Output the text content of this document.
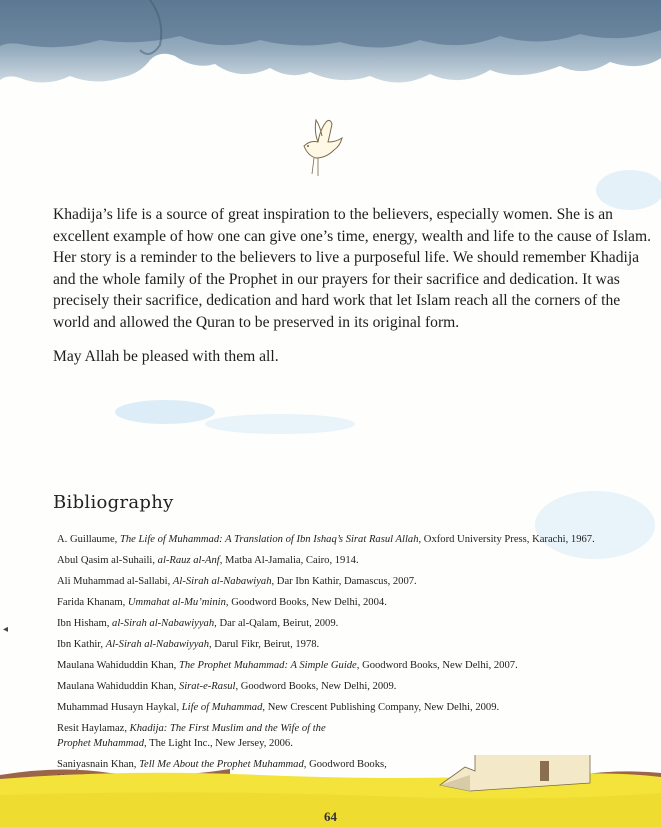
Khadija’s life is a source of great inspiration to the believers, especially women. She is an excellent example of how one can give one’s time, energy, wealth and life to the cause of Islam. Her story is a reminder to the believers to live a purposeful life. We should remember Khadija and the whole family of the Prophet in our prayers for their sacrifice and dedication. It was precisely their sacrifice, dedication and hard work that let Islam reach all the corners of the world and allowed the Quran to be preserved in its original form.

May Allah be pleased with them all.

Bibliography
A. Guillaume, The Life of Muhammad: A Translation of Ibn Ishaq’s Sirat Rasul Allah, Oxford University Press, Karachi, 1967.
Abul Qasim al-Suhaili, al-Rauz al-Anf, Matba Al-Jamalia, Cairo, 1914.
Ali Muhammad al-Sallabi, Al-Sirah al-Nabawiyah, Dar Ibn Kathir, Damascus, 2007.
Farida Khanam, Ummahat al-Mu’minin, Goodword Books, New Delhi, 2004.
Ibn Hisham, al-Sirah al-Nabawiyyah, Dar al-Qalam, Beirut, 2009.
Ibn Kathir, Al-Sirah al-Nabawiyyah, Darul Fikr, Beirut, 1978.
Maulana Wahiduddin Khan, The Prophet Muhammad: A Simple Guide, Goodword Books, New Delhi, 2007.
Maulana Wahiduddin Khan, Sirat-e-Rasul, Goodword Books, New Delhi, 2009.
Muhammad Husayn Haykal, Life of Muhammad, New Crescent Publishing Company, New Delhi, 2009.
Resit Haylamaz, Khadija: The First Muslim and the Wife of the Prophet Muhammad, The Light Inc., New Jersey, 2006.
Saniyasnain Khan, Tell Me About the Prophet Muhammad, Goodword Books,
◂
64
